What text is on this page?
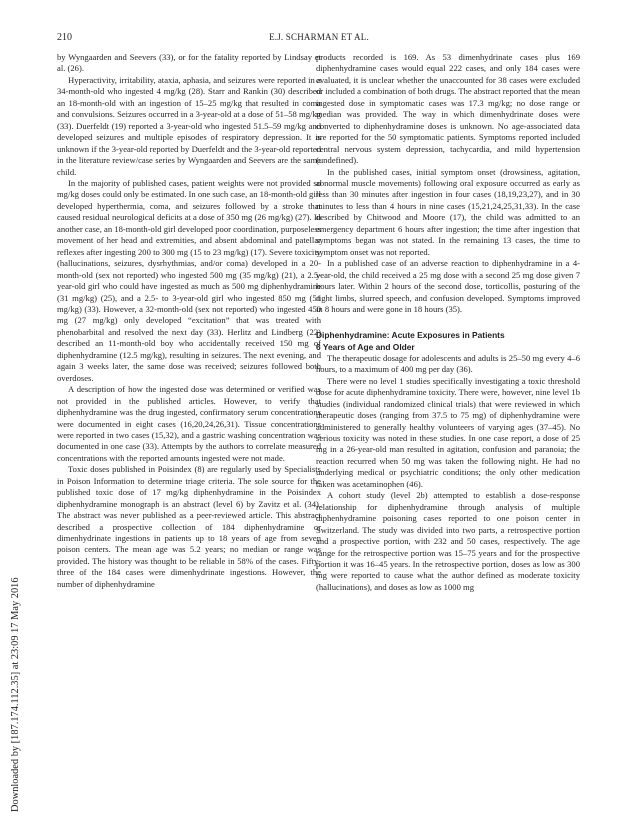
210	E.J. SCHARMAN ET AL.
Downloaded by [187.174.112.35] at 23:09 17 May 2016

by Wyngaarden and Seevers (33), or for the fatality reported by Lindsay et al. (26).

Hyperactivity, irritability, ataxia, aphasia, and seizures were reported in a 34-month-old who ingested 4 mg/kg (28). Starr and Rankin (30) described an 18-month-old with an ingestion of 15–25 mg/kg that resulted in coma and convulsions. Seizures occurred in a 3-year-old at a dose of 51–58 mg/kg (33). Duerfeldt (19) reported a 3-year-old who ingested 51.5–59 mg/kg and developed seizures and multiple episodes of respiratory depression. It is unknown if the 3-year-old reported by Duerfeldt and the 3-year-old reported in the literature review/case series by Wyngaarden and Seevers are the same child.

In the majority of published cases, patient weights were not provided so mg/kg doses could only be estimated. In one such case, an 18-month-old girl developed hyperthermia, coma, and seizures followed by a stroke that caused residual neurological deficits at a dose of 350 mg (26 mg/kg) (27). In another case, an 18-month-old girl developed poor coordination, purposeless movement of her head and extremities, and absent abdominal and patellar reflexes after ingesting 200 to 300 mg (15 to 23 mg/kg) (17). Severe toxicity (hallucinations, seizures, dysrhythmias, and/or coma) developed in a 20-month-old (sex not reported) who ingested 500 mg (35 mg/kg) (21), a 2.5-year-old girl who could have ingested as much as 500 mg diphenhydramine (31 mg/kg) (25), and a 2.5- to 3-year-old girl who ingested 850 mg (51 mg/kg) (33). However, a 32-month-old (sex not reported) who ingested 450 mg (27 mg/kg) only developed “excitation” that was treated with phenobarbital and resolved the next day (33). Herlitz and Lindberg (22) described an 11-month-old boy who accidentally received 150 mg of diphenhydramine (12.5 mg/kg), resulting in seizures. The next evening, and again 3 weeks later, the same dose was received; seizures followed both overdoses.

A description of how the ingested dose was determined or verified was not provided in the published articles. However, to verify that diphenhydramine was the drug ingested, confirmatory serum concentrations were documented in eight cases (16,20,24,26,31). Tissue concentrations were reported in two cases (15,32), and a gastric washing concentration was documented in one case (33). Attempts by the authors to correlate measured concentrations with the reported amounts ingested were not made.

Toxic doses published in Poisindex (8) are regularly used by Specialists in Poison Information to determine triage criteria. The sole source for the published toxic dose of 17 mg/kg diphenhydramine in the Poisindex diphenhydramine monograph is an abstract (level 6) by Zavitz et al. (34). The abstract was never published as a peer-reviewed article. This abstract described a prospective collection of 184 diphenhydramine or dimenhydrinate ingestions in patients up to 18 years of age from seven poison centers. The mean age was 5.2 years; no median or range was provided. The history was thought to be reliable in 58% of the cases. Fifty-three of the 184 cases were dimenhydrinate ingestions. However, the number of diphenhydramine

products recorded is 169. As 53 dimenhydrinate cases plus 169 diphenhydramine cases would equal 222 cases, and only 184 cases were evaluated, it is unclear whether the unaccounted for 38 cases were excluded or included a combination of both drugs. The abstract reported that the mean ingested dose in symptomatic cases was 17.3 mg/kg; no dose range or median was provided. The way in which dimenhydrinate doses were converted to diphenhydramine doses is unknown. No age-associated data are reported for the 50 symptomatic patients. Symptoms reported included central nervous system depression, tachycardia, and mild hypertension (undefined).

In the published cases, initial symptom onset (drowsiness, agitation, abnormal muscle movements) following oral exposure occurred as early as less than 30 minutes after ingestion in four cases (18,19,23,27), and in 30 minutes to less than 4 hours in nine cases (15,21,24,25,31,33). In the case described by Chitwood and Moore (17), the child was admitted to an emergency department 6 hours after ingestion; the time after ingestion that symptoms began was not stated. In the remaining 13 cases, the time to symptom onset was not reported.

In a published case of an adverse reaction to diphenhydramine in a 4-year-old, the child received a 25 mg dose with a second 25 mg dose given 7 hours later. Within 2 hours of the second dose, torticollis, posturing of the right limbs, slurred speech, and confusion developed. Symptoms improved in 8 hours and were gone in 18 hours (35).

Diphenhydramine: Acute Exposures in Patients
6 Years of Age and Older

The therapeutic dosage for adolescents and adults is 25–50 mg every 4–6 hours, to a maximum of 400 mg per day (36).

There were no level 1 studies specifically investigating a toxic threshold dose for acute diphenhydramine toxicity. There were, however, nine level 1b studies (individual randomized clinical trials) that were reviewed in which therapeutic doses (ranging from 37.5 to 75 mg) of diphenhydramine were administered to generally healthy volunteers of varying ages (37–45). No serious toxicity was noted in these studies. In one case report, a dose of 25 mg in a 26-year-old man resulted in agitation, confusion and paranoia; the reaction recurred when 50 mg was taken the following night. He had no underlying medical or psychiatric conditions; the only other medication taken was acetaminophen (46).

A cohort study (level 2b) attempted to establish a dose-response relationship for diphenhydramine through analysis of multiple diphenhydramine poisoning cases reported to one poison center in Switzerland. The study was divided into two parts, a retrospective portion and a prospective portion, with 232 and 50 cases, respectively. The age range for the retrospective portion was 15–75 years and for the prospective portion it was 16–45 years. In the retrospective portion, doses as low as 300 mg were reported to cause what the author defined as moderate toxicity (hallucinations), and doses as low as 1000 mg
